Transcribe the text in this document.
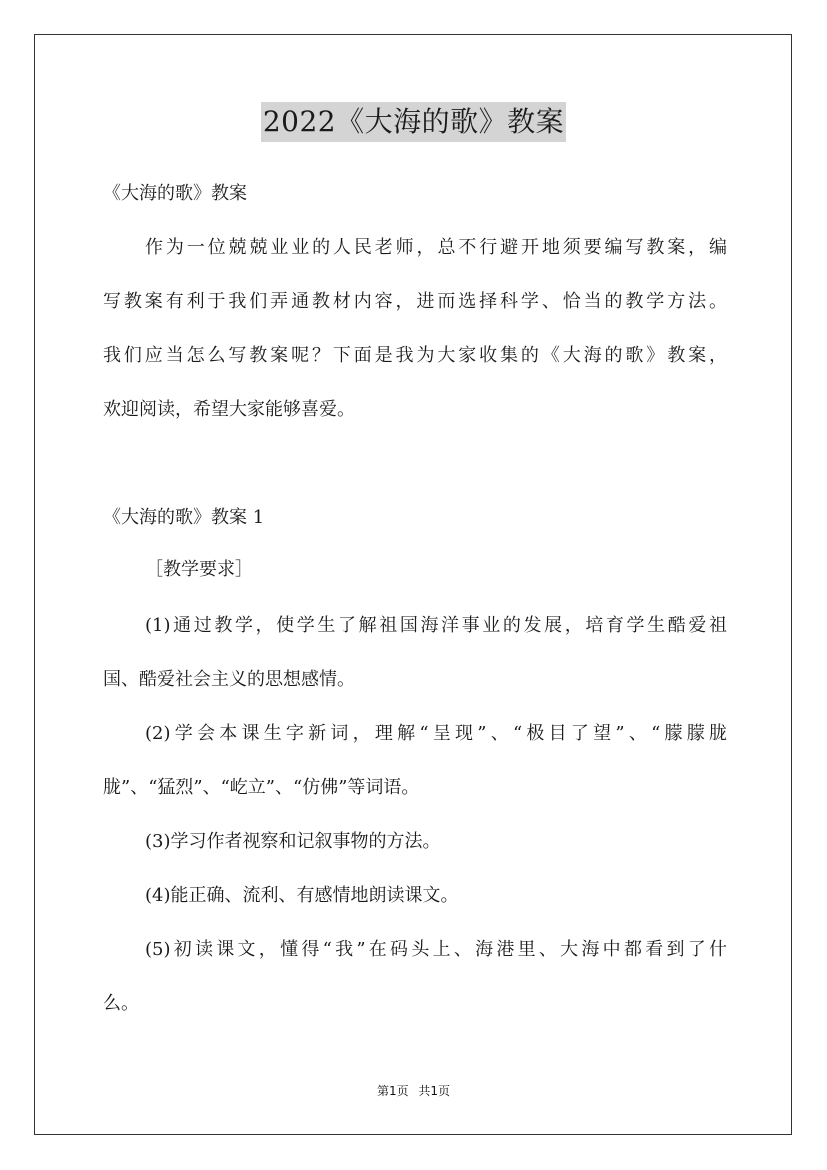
2022《大海的歌》教案
《大海的歌》教案
作为一位兢兢业业的人民老师，总不行避开地须要编写教案，编
写教案有利于我们弄通教材内容，进而选择科学、恰当的教学方法。
我们应当怎么写教案呢？下面是我为大家收集的《大海的歌》教案，
欢迎阅读，希望大家能够喜爱。
《大海的歌》教案 1
［教学要求］
(1)通过教学，使学生了解祖国海洋事业的发展，培育学生酷爱祖
国、酷爱社会主义的思想感情。
(2)学会本课生字新词，理解“呈现”、“极目了望”、“朦朦胧
胧”、“猛烈”、“屹立”、“仿佛”等词语。
(3)学习作者视察和记叙事物的方法。
(4)能正确、流利、有感情地朗读课文。
(5)初读课文，懂得“我”在码头上、海港里、大海中都看到了什
么。
第1页 共1页
